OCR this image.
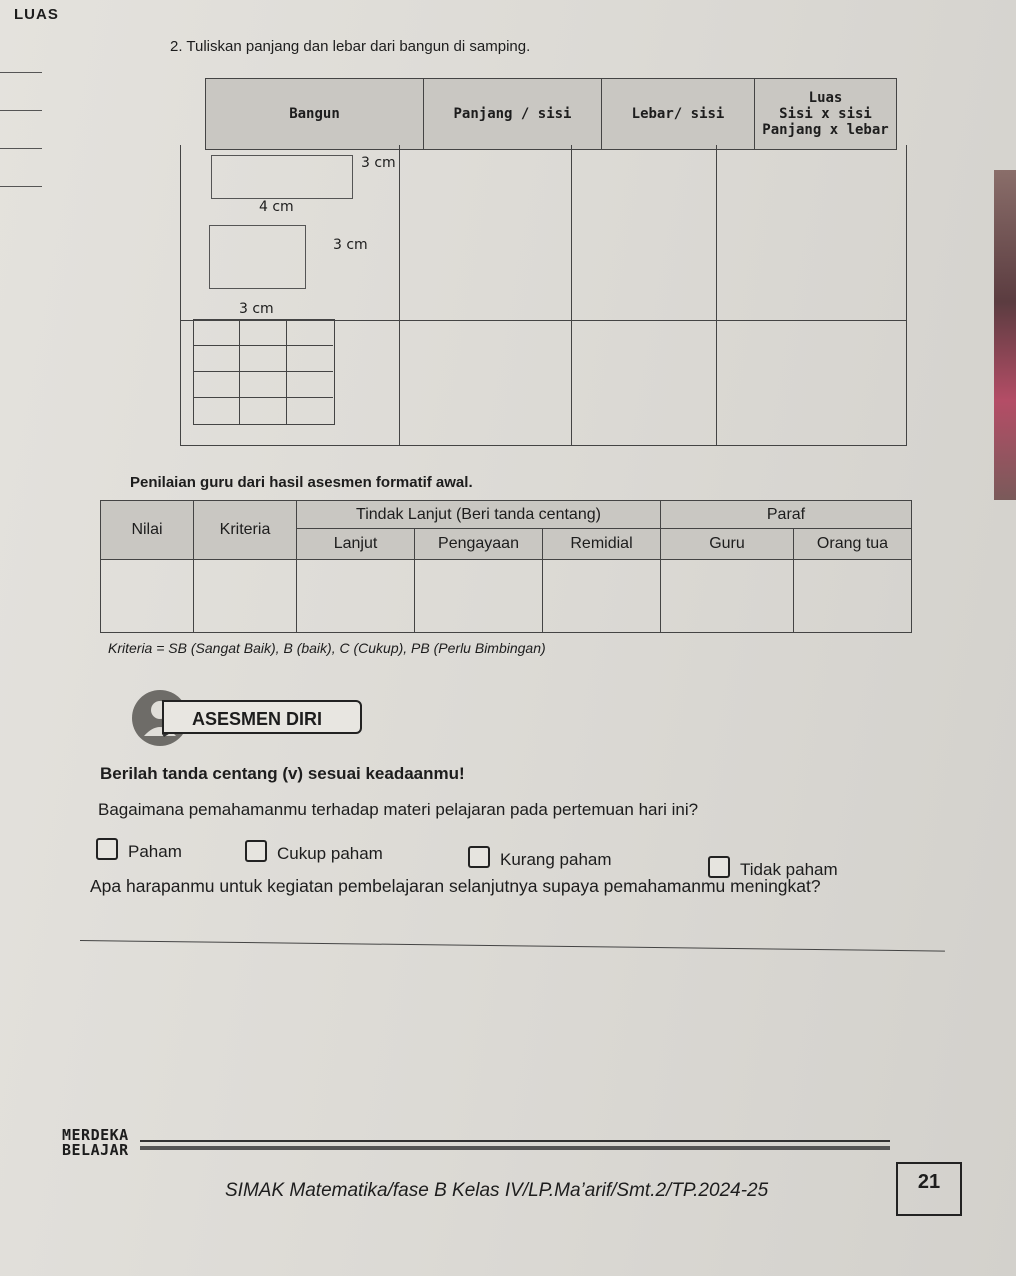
LUAS
2. Tuliskan panjang dan lebar dari bangun di samping.
Bangun	Panjang / sisi	Lebar/ sisi	
Luas
Sisi x sisi
Panjang x lebar
3 cm
4 cm
3 cm
3 cm
Penilaian guru dari hasil asesmen formatif awal.
Nilai	Kriteria	Tindak Lanjut (Beri tanda centang)			Paraf	
		Lanjut	Pengayaan	Remidial	Guru	Orang tua

Kriteria = SB (Sangat Baik), B (baik), C (Cukup), PB (Perlu Bimbingan)
ASESMEN DIRI
Berilah tanda centang (v) sesuai keadaanmu!
Bagaimana pemahamanmu terhadap materi pelajaran pada pertemuan hari ini?
Paham	Cukup paham	Kurang paham
Tidak paham
Apa harapanmu untuk kegiatan pembelajaran selanjutnya supaya pemahamanmu meningkat?
MERDEKA
BELAJAR
SIMAK Matematika/fase B Kelas IV/LP.Ma’arif/Smt.2/TP.2024-25	21
